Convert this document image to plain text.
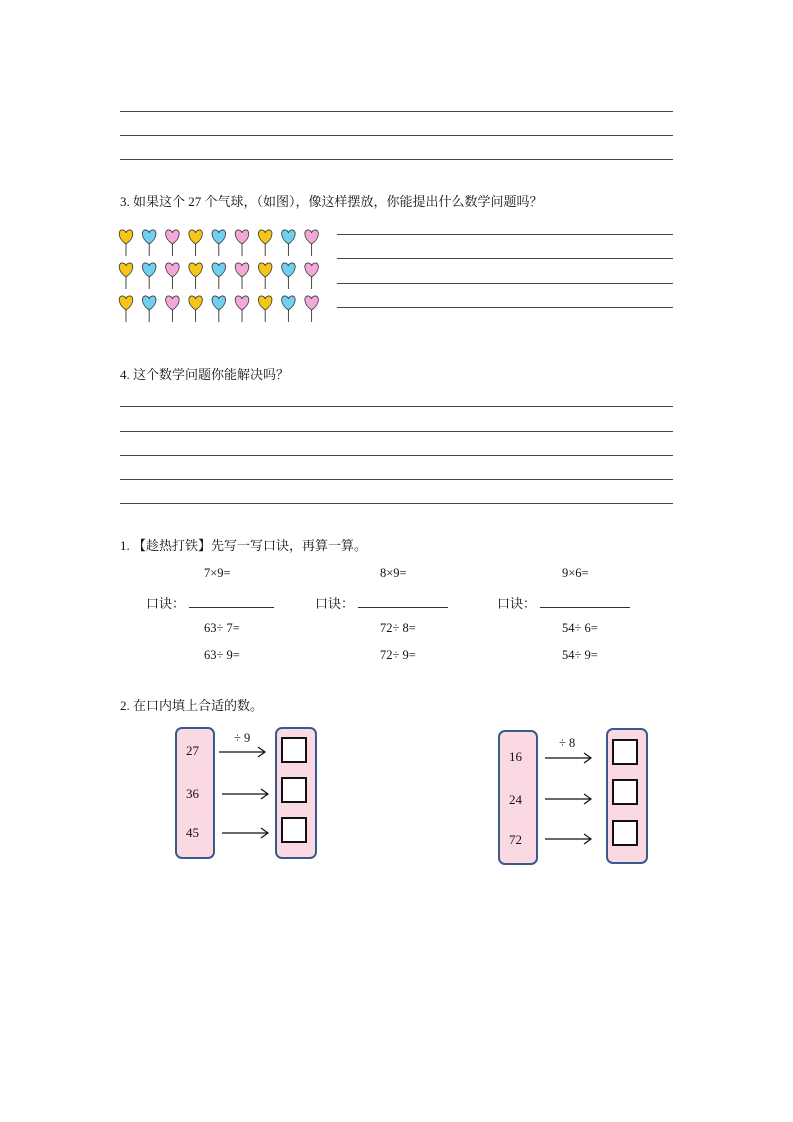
3. 如果这个 27 个气球，（如图），像这样摆放，你能提出什么数学问题吗？
4. 这个数学问题你能解决吗？
1. 【趁热打铁】先写一写口诀，再算一算。
7×9=
口诀：
63÷ 7=
63÷ 9=
8×9=
口诀：
72÷ 8=
72÷ 9=
9×6=
口诀：
54÷ 6=
54÷ 9=
2. 在口内填上合适的数。
27
36
45
÷ 9
16
24
72
÷ 8
